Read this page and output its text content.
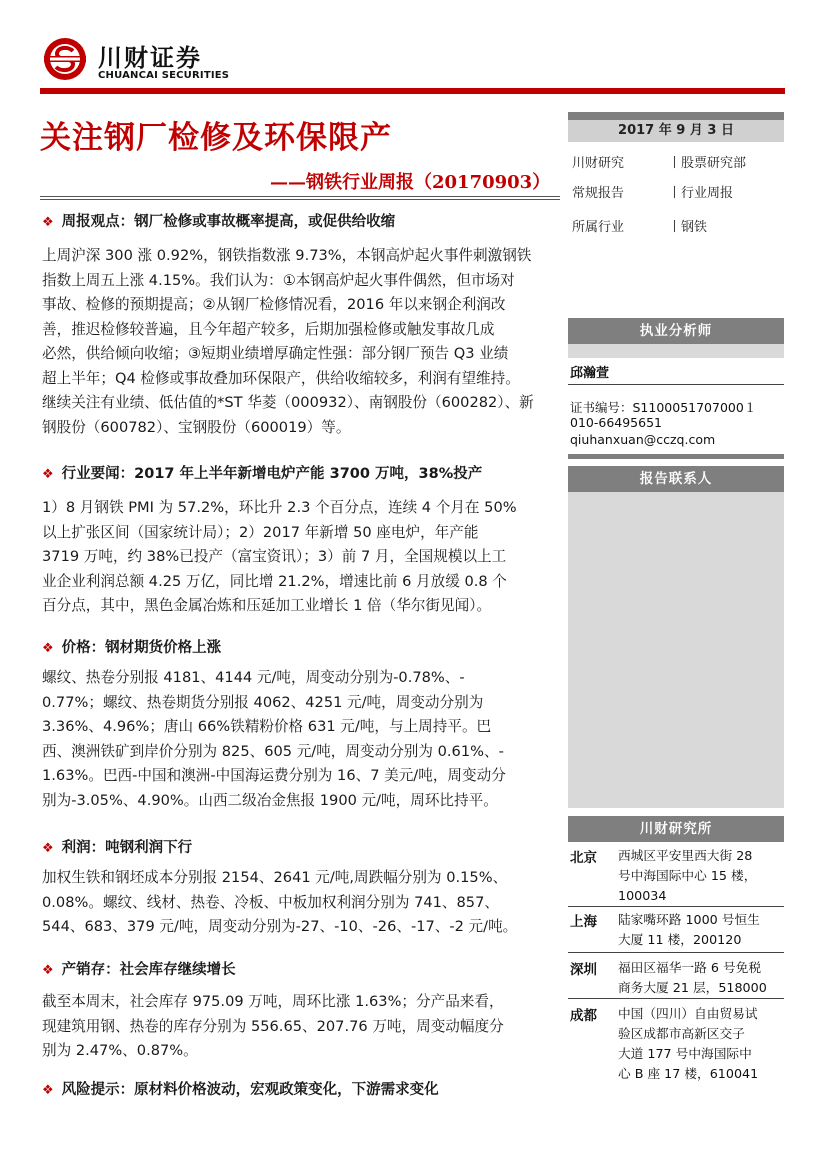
川财证券
CHUANCAI SECURITIES
关注钢厂检修及环保限产
——钢铁行业周报（20170903）
❖ 周报观点：钢厂检修或事故概率提高，或促供给收缩

上周沪深 300 涨 0.92%，钢铁指数涨 9.73%，本钢高炉起火事件刺激钢铁

指数上周五上涨 4.15%。我们认为：①本钢高炉起火事件偶然，但市场对

事故、检修的预期提高；②从钢厂检修情况看，2016 年以来钢企利润改

善，推迟检修较普遍，且今年超产较多，后期加强检修或触发事故几成

必然，供给倾向收缩；③短期业绩增厚确定性强：部分钢厂预告 Q3 业绩

超上半年；Q4 检修或事故叠加环保限产，供给收缩较多，利润有望维持。

继续关注有业绩、低估值的*ST 华菱（000932）、南钢股份（600282）、新

钢股份（600782）、宝钢股份（600019）等。

❖ 行业要闻：2017 年上半年新增电炉产能 3700 万吨，38%投产

1）8 月钢铁 PMI 为 57.2%，环比升 2.3 个百分点，连续 4 个月在 50%

以上扩张区间（国家统计局）；2）2017 年新增 50 座电炉，年产能

3719 万吨，约 38%已投产（富宝资讯）；3）前 7 月，全国规模以上工

业企业利润总额 4.25 万亿，同比增 21.2%，增速比前 6 月放缓 0.8 个

百分点，其中，黑色金属冶炼和压延加工业增长 1 倍（华尔街见闻）。

❖ 价格：钢材期货价格上涨

螺纹、热卷分别报 4181、4144 元/吨，周变动分别为-0.78%、-

0.77%；螺纹、热卷期货分别报 4062、4251 元/吨，周变动分别为

3.36%、4.96%；唐山 66%铁精粉价格 631 元/吨，与上周持平。巴

西、澳洲铁矿到岸价分别为 825、605 元/吨，周变动分别为 0.61%、-

1.63%。巴西-中国和澳洲-中国海运费分别为 16、7 美元/吨，周变动分

别为-3.05%、4.90%。山西二级冶金焦报 1900 元/吨，周环比持平。

❖ 利润：吨钢利润下行

加权生铁和钢坯成本分别报 2154、2641 元/吨,周跌幅分别为 0.15%、

0.08%。螺纹、线材、热卷、冷板、中板加权利润分别为 741、857、

544、683、379 元/吨，周变动分别为-27、-10、-26、-17、-2 元/吨。

❖ 产销存：社会库存继续增长

截至本周末，社会库存 975.09 万吨，周环比涨 1.63%；分产品来看，

现建筑用钢、热卷的库存分别为 556.65、207.76 万吨，周变动幅度分

别为 2.47%、0.87%。

❖ 风险提示：原材料价格波动，宏观政策变化，下游需求变化
2017 年 9 月 3 日
川财研究	丨股票研究部
常规报告	丨行业周报
所属行业	丨钢铁
执业分析师
邱瀚萱
证书编号：S1100051707000１
010-66495651
qiuhanxuan@cczq.com
报告联系人
川财研究所
北京 西城区平安里西大街 28

号中海国际中心 15 楼，

100034

上海 陆家嘴环路 1000 号恒生

大厦 11 楼，200120

深圳 福田区福华一路 6 号免税

商务大厦 21 层，518000

成都 中国（四川）自由贸易试

验区成都市高新区交子

大道 177 号中海国际中

心 B 座 17 楼，610041
